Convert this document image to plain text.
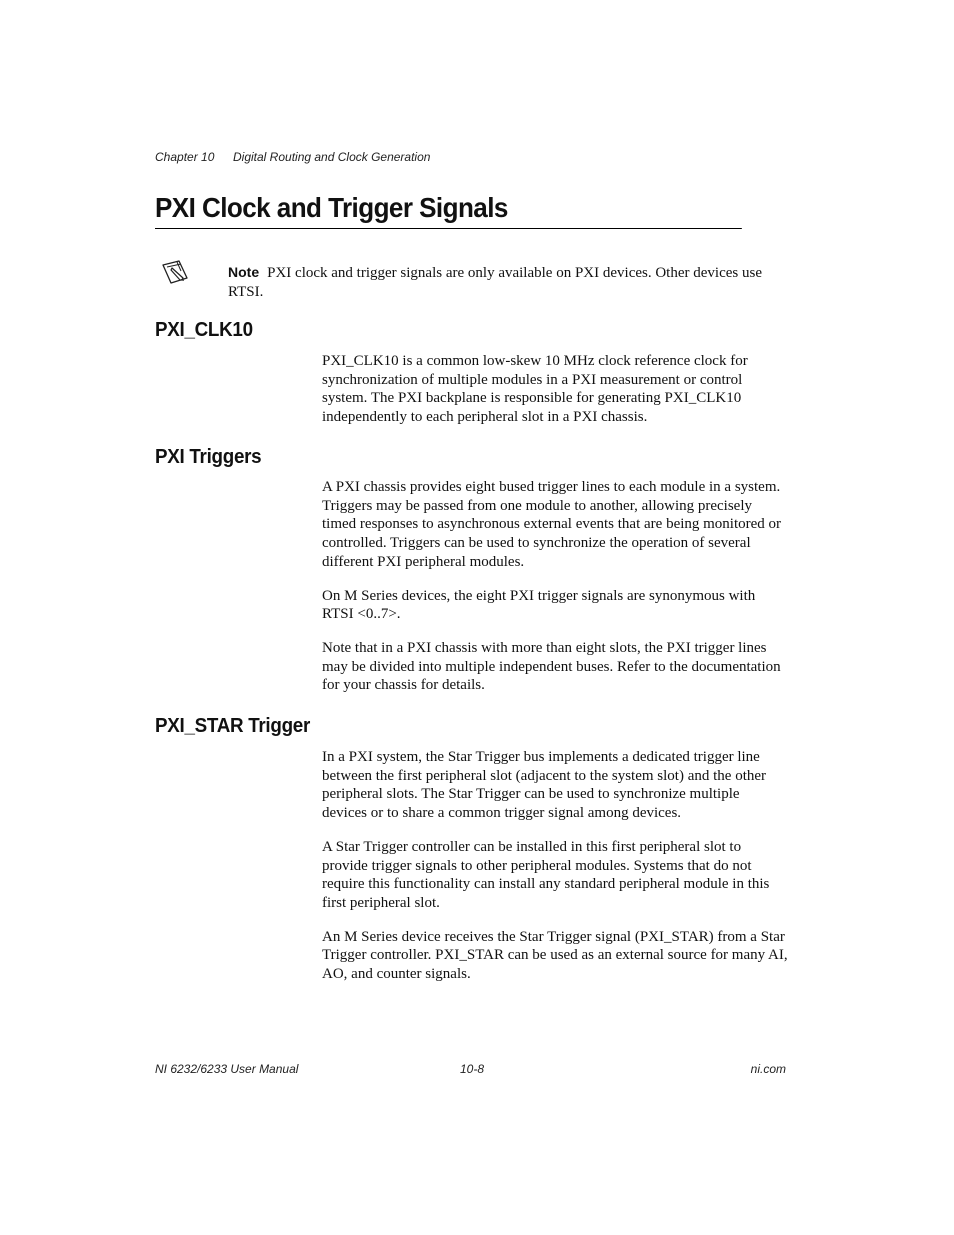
Chapter 10 Digital Routing and Clock Generation
PXI Clock and Trigger Signals
Note PXI clock and trigger signals are only available on PXI devices. Other devices use RTSI.
PXI_CLK10

PXI_CLK10 is a common low-skew 10 MHz clock reference clock for synchronization of multiple modules in a PXI measurement or control system. The PXI backplane is responsible for generating PXI_CLK10 independently to each peripheral slot in a PXI chassis.

PXI Triggers

A PXI chassis provides eight bused trigger lines to each module in a system. Triggers may be passed from one module to another, allowing precisely timed responses to asynchronous external events that are being monitored or controlled. Triggers can be used to synchronize the operation of several different PXI peripheral modules.

On M Series devices, the eight PXI trigger signals are synonymous with RTSI <0..7>.

Note that in a PXI chassis with more than eight slots, the PXI trigger lines may be divided into multiple independent buses. Refer to the documentation for your chassis for details.

PXI_STAR Trigger

In a PXI system, the Star Trigger bus implements a dedicated trigger line between the first peripheral slot (adjacent to the system slot) and the other peripheral slots. The Star Trigger can be used to synchronize multiple devices or to share a common trigger signal among devices.

A Star Trigger controller can be installed in this first peripheral slot to provide trigger signals to other peripheral modules. Systems that do not require this functionality can install any standard peripheral module in this first peripheral slot.

An M Series device receives the Star Trigger signal (PXI_STAR) from a Star Trigger controller. PXI_STAR can be used as an external source for many AI, AO, and counter signals.

NI 6232/6233 User Manual	10-8	ni.com
